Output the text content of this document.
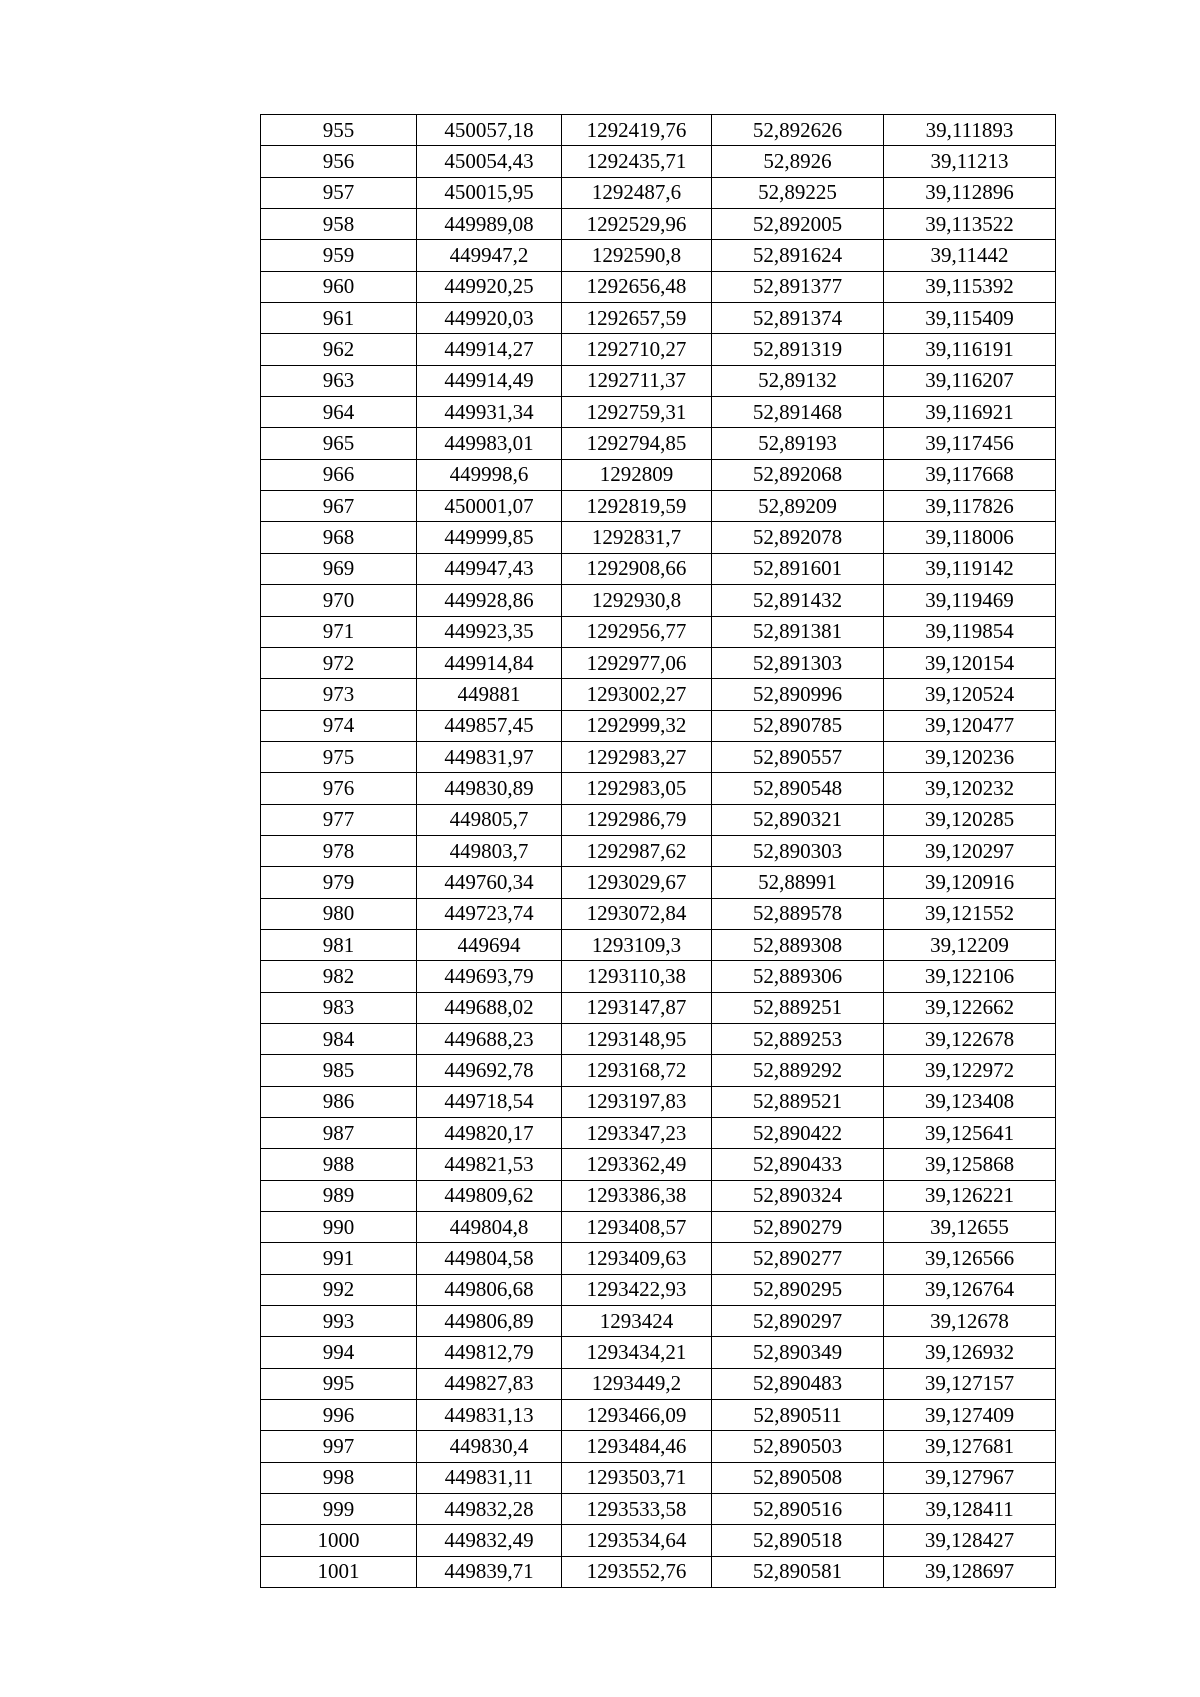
955	450057,18	1292419,76	52,892626	39,111893
956	450054,43	1292435,71	52,8926	39,11213
957	450015,95	1292487,6	52,89225	39,112896
958	449989,08	1292529,96	52,892005	39,113522
959	449947,2	1292590,8	52,891624	39,11442
960	449920,25	1292656,48	52,891377	39,115392
961	449920,03	1292657,59	52,891374	39,115409
962	449914,27	1292710,27	52,891319	39,116191
963	449914,49	1292711,37	52,89132	39,116207
964	449931,34	1292759,31	52,891468	39,116921
965	449983,01	1292794,85	52,89193	39,117456
966	449998,6	1292809	52,892068	39,117668
967	450001,07	1292819,59	52,89209	39,117826
968	449999,85	1292831,7	52,892078	39,118006
969	449947,43	1292908,66	52,891601	39,119142
970	449928,86	1292930,8	52,891432	39,119469
971	449923,35	1292956,77	52,891381	39,119854
972	449914,84	1292977,06	52,891303	39,120154
973	449881	1293002,27	52,890996	39,120524
974	449857,45	1292999,32	52,890785	39,120477
975	449831,97	1292983,27	52,890557	39,120236
976	449830,89	1292983,05	52,890548	39,120232
977	449805,7	1292986,79	52,890321	39,120285
978	449803,7	1292987,62	52,890303	39,120297
979	449760,34	1293029,67	52,88991	39,120916
980	449723,74	1293072,84	52,889578	39,121552
981	449694	1293109,3	52,889308	39,12209
982	449693,79	1293110,38	52,889306	39,122106
983	449688,02	1293147,87	52,889251	39,122662
984	449688,23	1293148,95	52,889253	39,122678
985	449692,78	1293168,72	52,889292	39,122972
986	449718,54	1293197,83	52,889521	39,123408
987	449820,17	1293347,23	52,890422	39,125641
988	449821,53	1293362,49	52,890433	39,125868
989	449809,62	1293386,38	52,890324	39,126221
990	449804,8	1293408,57	52,890279	39,12655
991	449804,58	1293409,63	52,890277	39,126566
992	449806,68	1293422,93	52,890295	39,126764
993	449806,89	1293424	52,890297	39,12678
994	449812,79	1293434,21	52,890349	39,126932
995	449827,83	1293449,2	52,890483	39,127157
996	449831,13	1293466,09	52,890511	39,127409
997	449830,4	1293484,46	52,890503	39,127681
998	449831,11	1293503,71	52,890508	39,127967
999	449832,28	1293533,58	52,890516	39,128411
1000	449832,49	1293534,64	52,890518	39,128427
1001	449839,71	1293552,76	52,890581	39,128697
